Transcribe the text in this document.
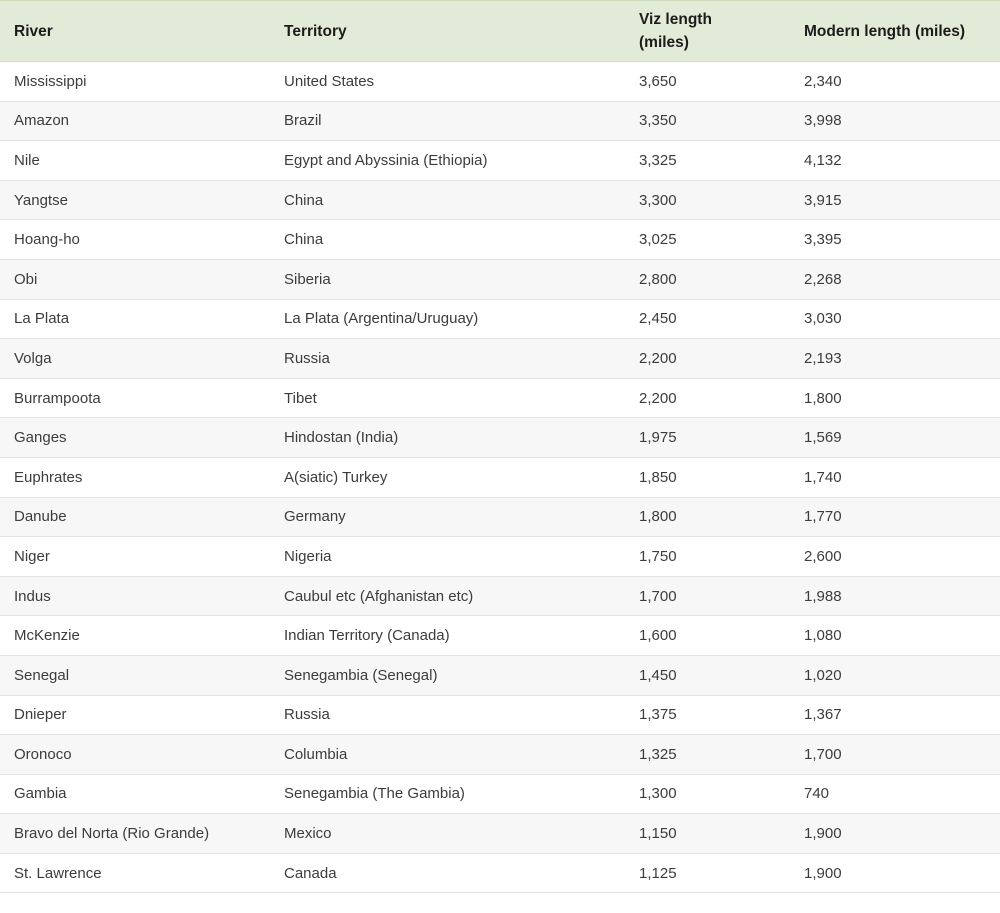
River	Territory	Viz length (miles)	Modern length (miles)
Mississippi	United States	3,650	2,340
Amazon	Brazil	3,350	3,998
Nile	Egypt and Abyssinia (Ethiopia)	3,325	4,132
Yangtse	China	3,300	3,915
Hoang-ho	China	3,025	3,395
Obi	Siberia	2,800	2,268
La Plata	La Plata (Argentina/Uruguay)	2,450	3,030
Volga	Russia	2,200	2,193
Burrampoota	Tibet	2,200	1,800
Ganges	Hindostan (India)	1,975	1,569
Euphrates	A(siatic) Turkey	1,850	1,740
Danube	Germany	1,800	1,770
Niger	Nigeria	1,750	2,600
Indus	Caubul etc (Afghanistan etc)	1,700	1,988
McKenzie	Indian Territory (Canada)	1,600	1,080
Senegal	Senegambia (Senegal)	1,450	1,020
Dnieper	Russia	1,375	1,367
Oronoco	Columbia	1,325	1,700
Gambia	Senegambia (The Gambia)	1,300	740
Bravo del Norta (Rio Grande)	Mexico	1,150	1,900
St. Lawrence	Canada	1,125	1,900
